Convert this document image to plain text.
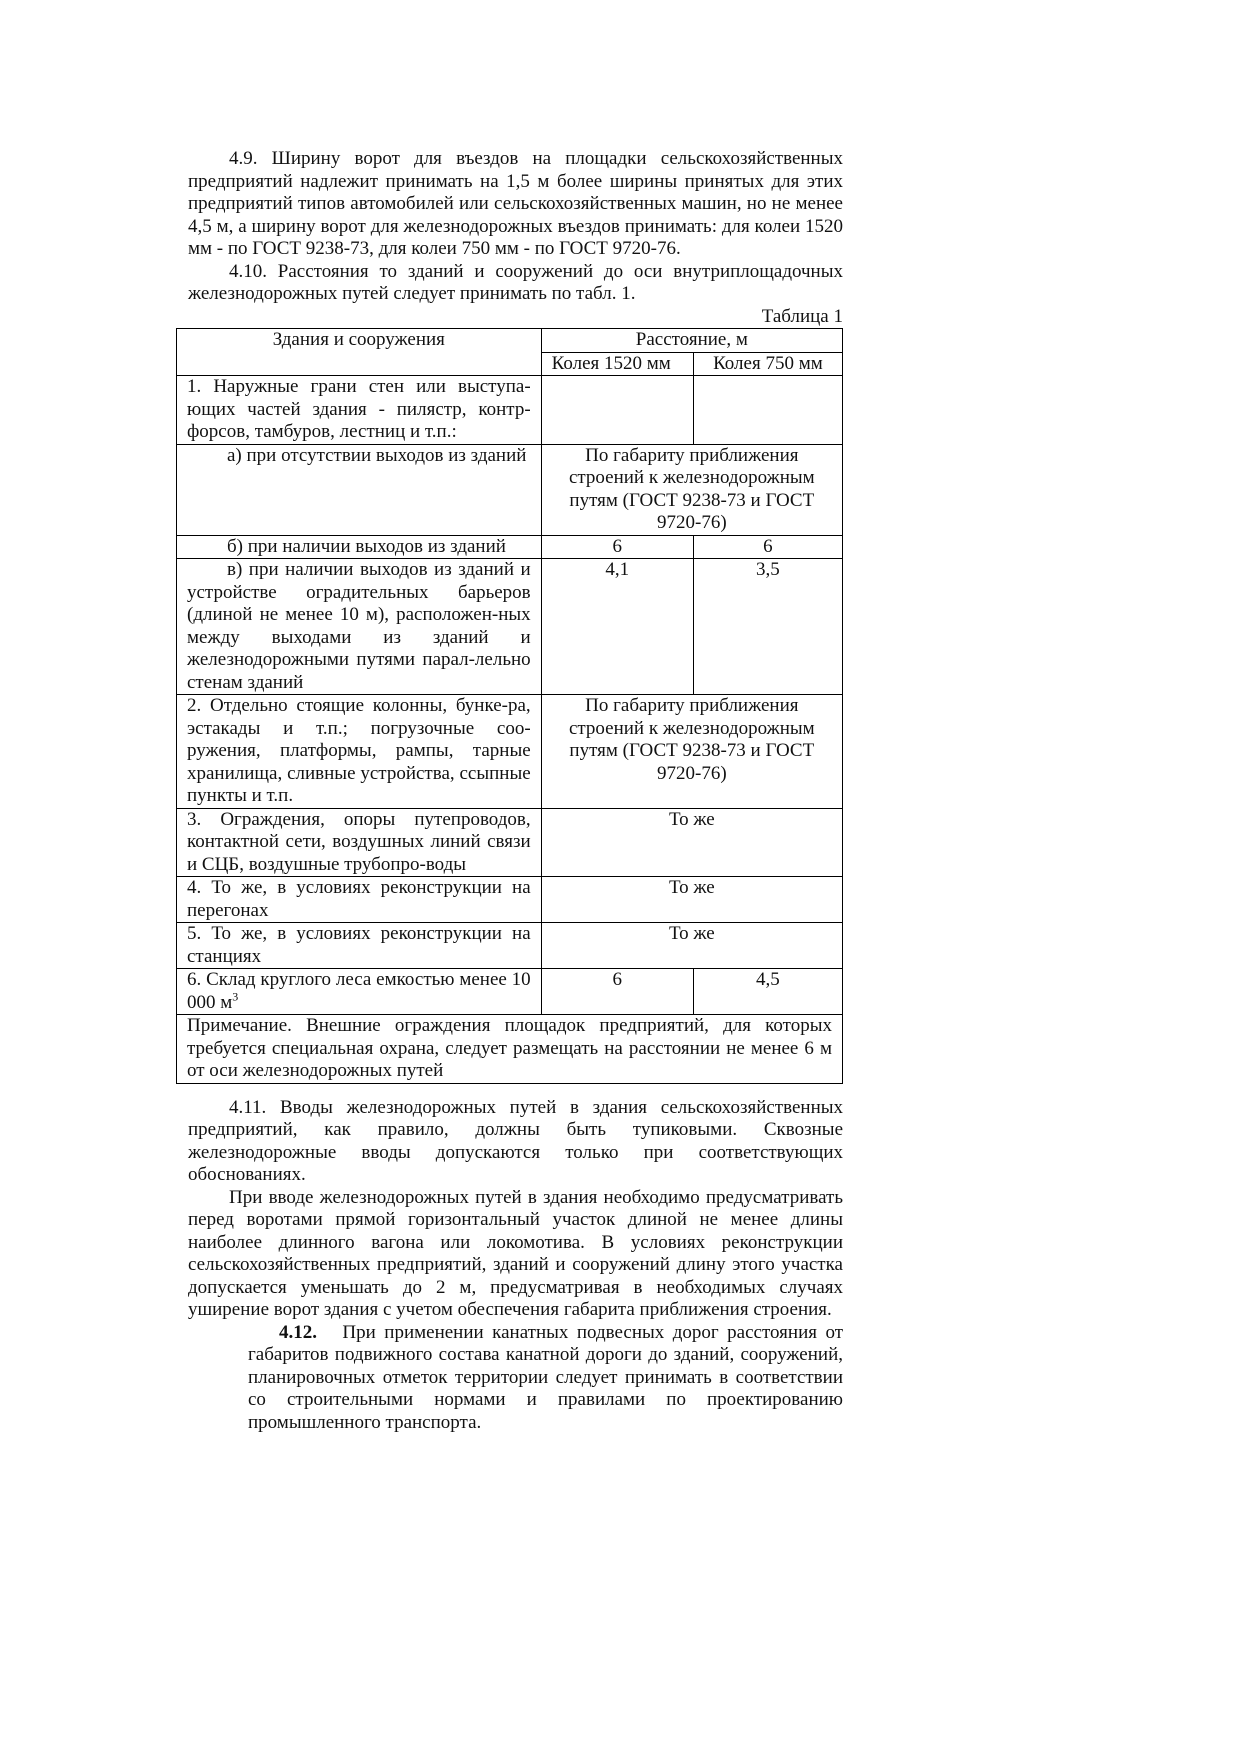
4.9. Ширину ворот для въездов на площадки сельскохозяйственных предприятий надлежит принимать на 1,5 м более ширины принятых для этих предприятий типов автомобилей или сельскохозяйственных машин, но не менее 4,5 м, а ширину ворот для железнодорожных въездов принимать: для колеи 1520 мм - по ГОСТ 9238-73, для колеи 750 мм - по ГОСТ 9720-76.

4.10. Расстояния то зданий и сооружений до оси внутриплощадочных железнодорожных путей следует принимать по табл. 1.

Таблица 1
Здания и сооружения	Расстояние, м	
	Колея 1520 мм	Колея 750 мм
1. Наружные грани стен или выступа-ющих частей здания - пилястр, контр-форсов, тамбуров, лестниц и т.п.:		
а) при отсутствии выходов из зданий	По габариту приближения строений к железнодорожным путям (ГОСТ 9238-73 и ГОСТ 9720-76)	
б) при наличии выходов из зданий	6	6
в) при наличии выходов из зданий и устройстве оградительных барьеров (длиной не менее 10 м), расположен-ных между выходами из зданий и железнодорожными путями парал-лельно стенам зданий	4,1	3,5
2. Отдельно стоящие колонны, бунке-ра, эстакады и т.п.; погрузочные соо-ружения, платформы, рампы, тарные хранилища, сливные устройства, ссыпные пункты и т.п.	По габариту приближения строений к железнодорожным путям (ГОСТ 9238-73 и ГОСТ 9720-76)	
3. Ограждения, опоры путепроводов, контактной сети, воздушных линий связи и СЦБ, воздушные трубопро-воды	То же	
4. То же, в условиях реконструкции на перегонах	То же	
5. То же, в условиях реконструкции на станциях	То же	
6. Склад круглого леса емкостью менее 10 000 $м^3$	6	4,5
Примечание. Внешние ограждения площадок предприятий, для которых требуется специальная охрана, следует размещать на расстоянии не менее 6 м от оси железнодорожных путей		

4.11. Вводы железнодорожных путей в здания сельскохозяйственных предприятий, как правило, должны быть тупиковыми. Сквозные железнодорожные вводы допускаются только при соответствующих обоснованиях.

При вводе железнодорожных путей в здания необходимо предусматривать перед воротами прямой горизонтальный участок длиной не менее длины наиболее длинного вагона или локомотива. В условиях реконструкции сельскохозяйственных предприятий, зданий и сооружений длину этого участка допускается уменьшать до 2 м, предусматривая в необходимых случаях уширение ворот здания с учетом обеспечения габарита приближения строения.

4.12. При применении канатных подвесных дорог расстояния от габаритов подвижного состава канатной дороги до зданий, сооружений, планировочных отметок территории следует принимать в соответствии со строительными нормами и правилами по проектированию промышленного транспорта.
